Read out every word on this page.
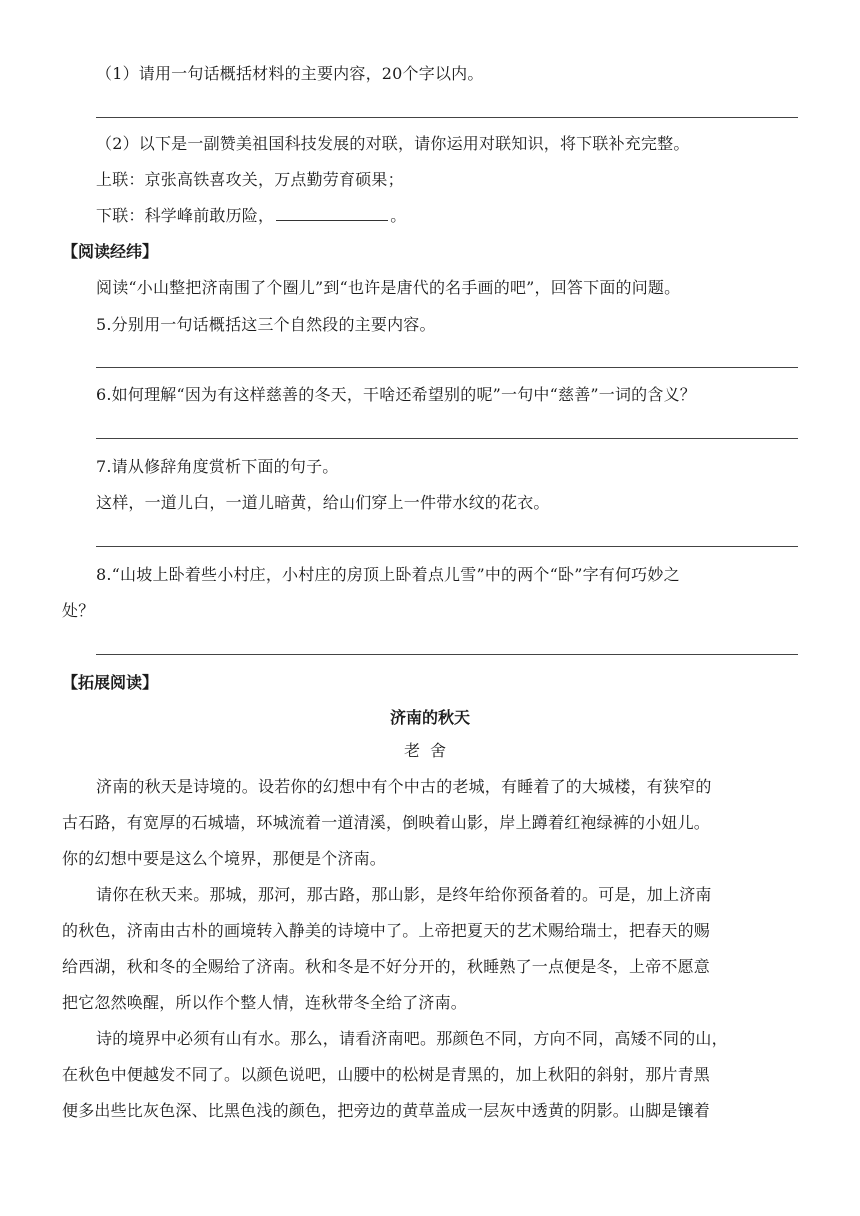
（1）请用一句话概括材料的主要内容，20个字以内。
（2）以下是一副赞美祖国科技发展的对联，请你运用对联知识，将下联补充完整。
上联：京张高铁喜攻关，万点勤劳育硕果；
下联：科学峰前敢历险，	。
【阅读经纬】
阅读“小山整把济南围了个圈儿”到“也许是唐代的名手画的吧”，回答下面的问题。
5.分别用一句话概括这三个自然段的主要内容。
6.如何理解“因为有这样慈善的冬天，干啥还希望别的呢”一句中“慈善”一词的含义？
7.请从修辞角度赏析下面的句子。
这样，一道儿白，一道儿暗黄，给山们穿上一件带水纹的花衣。
8.“山坡上卧着些小村庄，小村庄的房顶上卧着点儿雪”中的两个“卧”字有何巧妙之
处？
【拓展阅读】
济南的秋天
老舍
济南的秋天是诗境的。设若你的幻想中有个中古的老城，有睡着了的大城楼，有狭窄的
古石路，有宽厚的石城墙，环城流着一道清溪，倒映着山影，岸上蹲着红袍绿裤的小妞儿。
你的幻想中要是这么个境界，那便是个济南。
请你在秋天来。那城，那河，那古路，那山影，是终年给你预备着的。可是，加上济南
的秋色，济南由古朴的画境转入静美的诗境中了。上帝把夏天的艺术赐给瑞士，把春天的赐
给西湖，秋和冬的全赐给了济南。秋和冬是不好分开的，秋睡熟了一点便是冬，上帝不愿意
把它忽然唤醒，所以作个整人情，连秋带冬全给了济南。
诗的境界中必须有山有水。那么，请看济南吧。那颜色不同，方向不同，高矮不同的山，
在秋色中便越发不同了。以颜色说吧，山腰中的松树是青黑的，加上秋阳的斜射，那片青黑
便多出些比灰色深、比黑色浅的颜色，把旁边的黄草盖成一层灰中透黄的阴影。山脚是镶着
